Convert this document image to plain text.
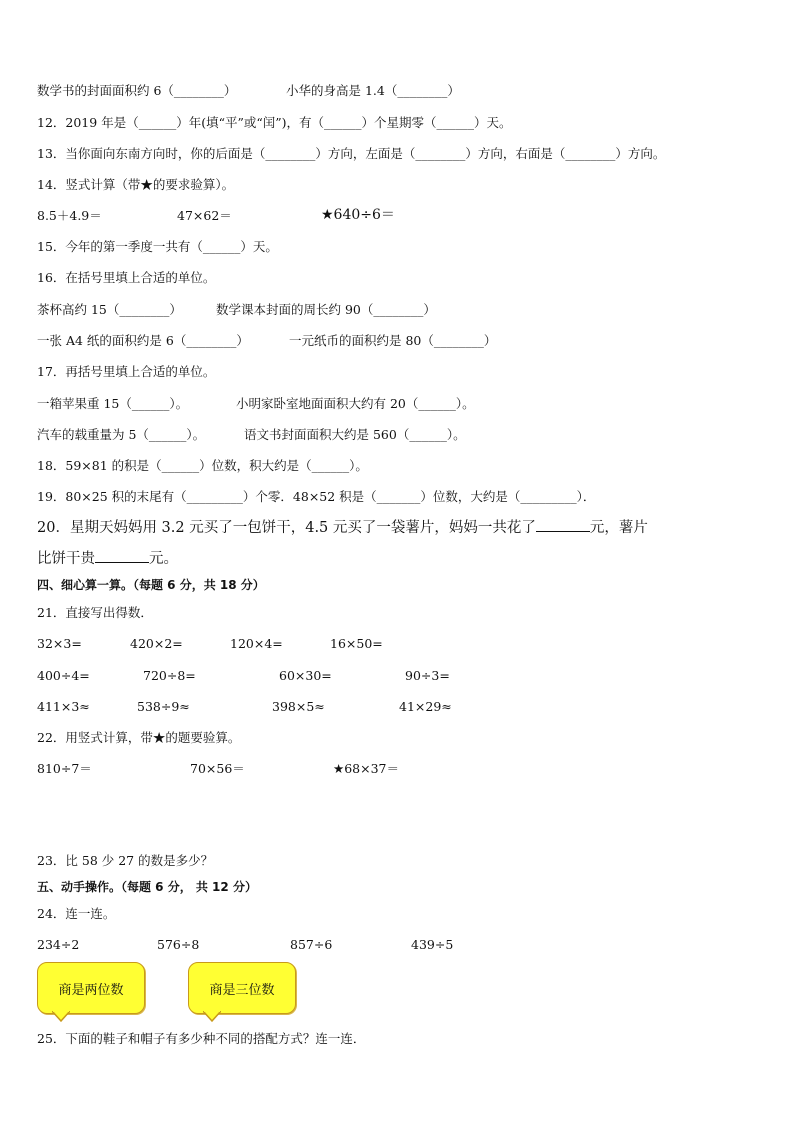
数学书的封面面积约 6（________）	小华的身高是 1.4（________）
12．2019 年是（______）年(填“平”或“闰”)，有（______）个星期零（______）天。
13．当你面向东南方向时，你的后面是（________）方向，左面是（________）方向，右面是（________）方向。
14．竖式计算（带★的要求验算）。
8.5＋4.9＝	47×62＝	★640÷6＝
15．今年的第一季度一共有（______）天。
16．在括号里填上合适的单位。
茶杯高约 15（________）	数学课本封面的周长约 90（________）
一张 A4 纸的面积约是 6（________）	一元纸币的面积约是 80（________）
17．再括号里填上合适的单位。
一箱苹果重 15（______）。	小明家卧室地面面积大约有 20（______）。
汽车的载重量为 5（______）。	语文书封面面积大约是 560（______）。
18．59×81 的积是（______）位数，积大约是（______）。
19．80×25 积的末尾有（_________）个零．48×52 积是（_______）位数，大约是（_________）．
20．星期天妈妈用 3.2 元买了一包饼干，4.5 元买了一袋薯片，妈妈一共花了	元，薯片
比饼干贵	元。
四、细心算一算。（每题 6 分，共 18 分）
21．直接写出得数．
32×3=	420×2=	120×4=	16×50=
400÷4=	720÷8=	60×30=	90÷3=
411×3≈	538÷9≈	398×5≈	41×29≈
22．用竖式计算，带★的题要验算。
810÷7＝	70×56＝	★68×37＝
23．比 58 少 27 的数是多少？
五、动手操作。（每题 6 分， 共 12 分）
24．连一连。
234÷2	576÷8	857÷6	439÷5
商是两位数	商是三位数
25．下面的鞋子和帽子有多少种不同的搭配方式？连一连．
